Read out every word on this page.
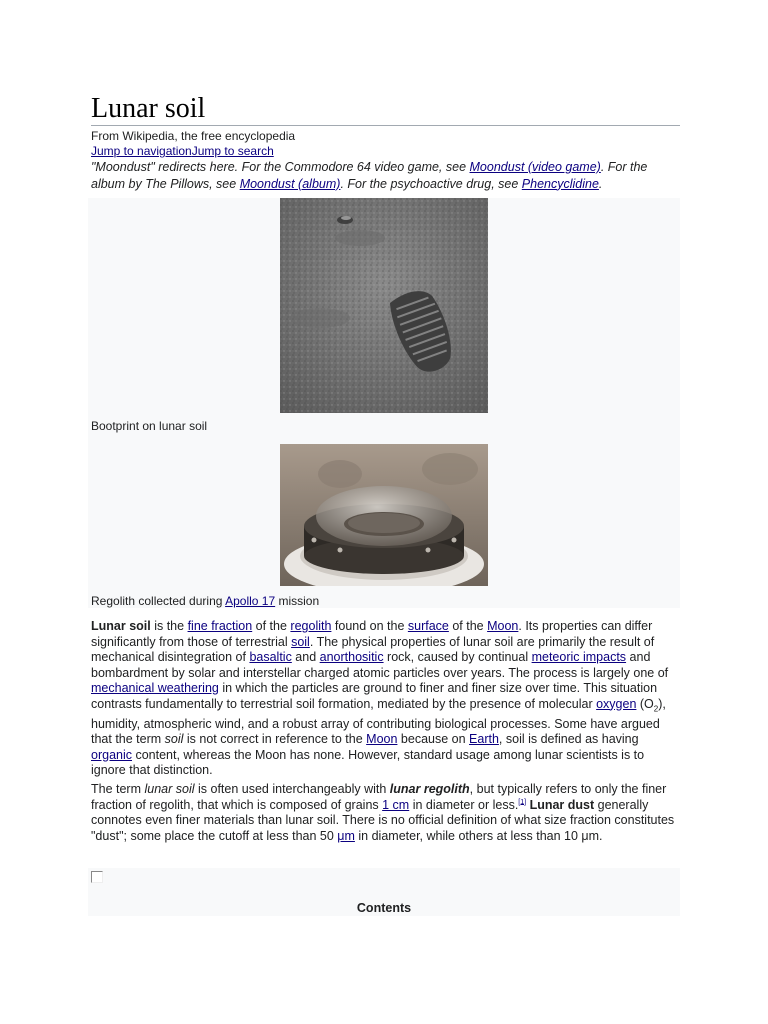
Lunar soil
From Wikipedia, the free encyclopedia
Jump to navigationJump to search
"Moondust" redirects here. For the Commodore 64 video game, see Moondust (video game). For the album by The Pillows, see Moondust (album). For the psychoactive drug, see Phencyclidine.
Bootprint on lunar soil
Regolith collected during Apollo 17 mission

Lunar soil is the fine fraction of the regolith found on the surface of the Moon. Its properties can differ significantly from those of terrestrial soil. The physical properties of lunar soil are primarily the result of mechanical disintegration of basaltic and anorthositic rock, caused by continual meteoric impacts and bombardment by solar and interstellar charged atomic particles over years. The process is largely one of mechanical weathering in which the particles are ground to finer and finer size over time. This situation contrasts fundamentally to terrestrial soil formation, mediated by the presence of molecular oxygen $(O_2)$, humidity, atmospheric wind, and a robust array of contributing biological processes. Some have argued that the term soil is not correct in reference to the Moon because on Earth, soil is defined as having organic content, whereas the Moon has none. However, standard usage among lunar scientists is to ignore that distinction.

The term lunar soil is often used interchangeably with lunar regolith, but typically refers to only the finer fraction of regolith, that which is composed of grains 1 cm in diameter or less.[1] Lunar dust generally connotes even finer materials than lunar soil. There is no official definition of what size fraction constitutes "dust"; some place the cutoff at less than 50 μm in diameter, while others at less than 10 μm.

Contents
